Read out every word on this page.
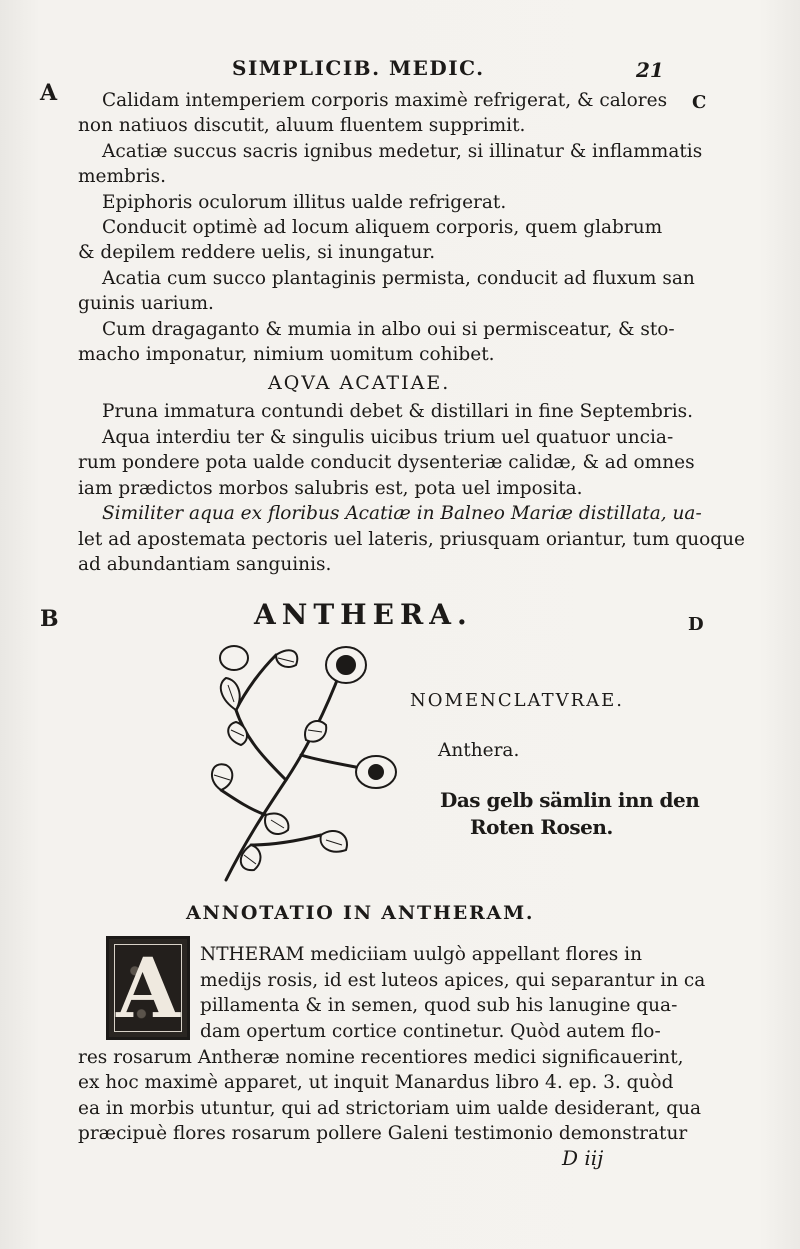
SIMPLICIB. MEDIC.	21
A	C
B	D
Calidam intemperiem corporis maximè refrigerat, & calores
non natiuos discutit, aluum fluentem supprimit.
Acatiæ succus sacris ignibus medetur, si illinatur & inflammatis
membris.
Epiphoris oculorum illitus ualde refrigerat.
Conducit optimè ad locum aliquem corporis, quem glabrum
& depilem reddere uelis, si inungatur.
Acatia cum succo plantaginis permista, conducit ad fluxum san
guinis uarium.
Cum dragaganto & mumia in albo oui si permisceatur, & sto-
macho imponatur, nimium uomitum cohibet.
AQVA ACATIAE.
Pruna immatura contundi debet & distillari in fine Septembris.
Aqua interdiu ter & singulis uicibus trium uel quatuor uncia-
rum pondere pota ualde conducit dysenteriæ calidæ, & ad omnes
iam prædictos morbos salubris est, pota uel imposita.
Similiter aqua ex floribus Acatiæ in Balneo Mariæ distillata, ua-
let ad apostemata pectoris uel lateris, priusquam oriantur, tum quoque
ad abundantiam sanguinis.
ANTHERA.
NOMENCLATVRAE.
Anthera.
Das gelb sämlin inn den
Roten Rosen.
ANNOTATIO IN ANTHERAM.
A	NTHERAM mediciiam uulgò appellant flores in
medijs rosis, id est luteos apices, qui separantur in ca
pillamenta & in semen, quod sub his lanugine qua-
dam opertum cortice continetur. Quòd autem flo-
res rosarum Antheræ nomine recentiores medici significauerint,
ex hoc maximè apparet, ut inquit Manardus libro 4. ep. 3. quòd
ea in morbis utuntur, qui ad strictoriam uim ualde desiderant, qua
præcipuè flores rosarum pollere Galeni testimonio demonstratur
D iij
